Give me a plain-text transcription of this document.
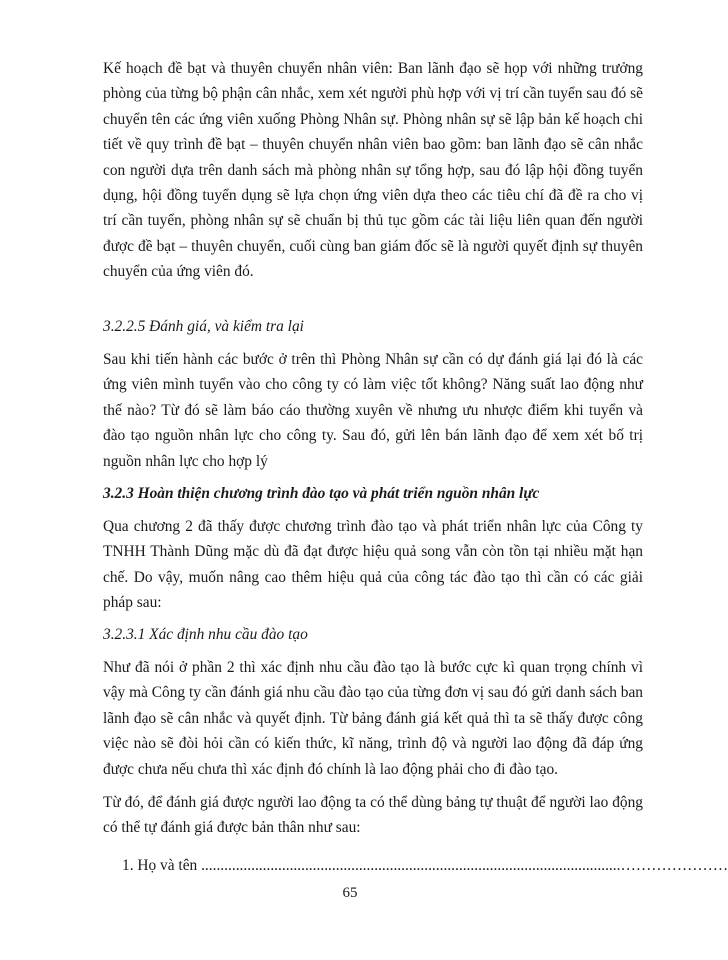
Kế hoạch đề bạt và thuyên chuyển nhân viên: Ban lãnh đạo sẽ họp với những trưởng phòng của từng bộ phận cân nhắc, xem xét người phù hợp với vị trí cần tuyển sau đó sẽ chuyển tên các ứng viên xuống Phòng Nhân sự. Phòng nhân sự sẽ lập bản kế hoạch chi tiết về quy trình đề bạt – thuyên chuyển nhân viên bao gồm: ban lãnh đạo sẽ cân nhắc con người dựa trên danh sách mà phòng nhân sự tổng hợp, sau đó lập hội đồng tuyển dụng, hội đồng tuyển dụng sẽ lựa chọn ứng viên dựa theo các tiêu chí đã đề ra cho vị trí cần tuyển, phòng nhân sự sẽ chuẩn bị thủ tục gồm các tài liệu liên quan đến người được đề bạt – thuyên chuyển, cuối cùng ban giám đốc sẽ là người quyết định sự thuyên chuyển của ứng viên đó.

3.2.2.5 Đánh giá, và kiểm tra lại

Sau khi tiến hành các bước ở trên thì Phòng Nhân sự cần có dự đánh giá lại đó là các ứng viên mình tuyển vào cho công ty có làm việc tốt không? Năng suất lao động như thế nào? Từ đó sẽ làm báo cáo thường xuyên về nhưng ưu nhược điểm khi tuyển và đào tạo nguồn nhân lực cho công ty. Sau đó, gửi lên bán lãnh đạo để xem xét bố trị nguồn nhân lực cho hợp lý

3.2.3 Hoàn thiện chương trình đào tạo và phát triển nguồn nhân lực

Qua chương 2 đã thấy được chương trình đào tạo và phát triển nhân lực của Công ty TNHH Thành Dũng mặc dù đã đạt được hiệu quả song vẫn còn tồn tại nhiều mặt hạn chế. Do vậy, muốn nâng cao thêm hiệu quả của công tác đào tạo thì cần có các giải pháp sau:

3.2.3.1 Xác định nhu cầu đào tạo

Như đã nói ở phần 2 thì xác định nhu cầu đào tạo là bước cực kì quan trọng chính vì vậy mà Công ty cần đánh giá nhu cầu đào tạo của từng đơn vị sau đó gửi danh sách ban lãnh đạo sẽ cân nhắc và quyết định. Từ bảng đánh giá kết quả thì ta sẽ thấy được công việc nào sẽ đòi hỏi cần có kiến thức, kĩ năng, trình độ và người lao động đã đáp ứng được chưa nếu chưa thì xác định đó chính là lao động phải cho đi đào tạo.

Từ đó, để đánh giá được người lao động ta có thể dùng bảng tự thuật để người lao động có thể tự đánh giá được bản thân như sau:

1. Họ và tên .............................................................................................................…………………

65
